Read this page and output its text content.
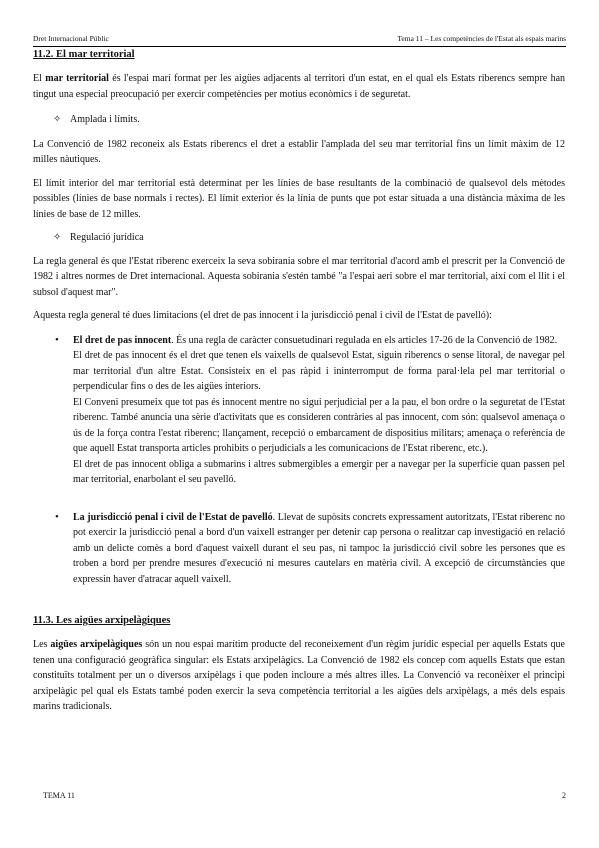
Dret Internacional Públic	Tema 11 – Les competències de l'Estat als espais marins

11.2. El mar territorial

El mar territorial és l'espai marí format per les aigües adjacents al territori d'un estat, en el qual els Estats riberencs sempre han tingut una especial preocupació per exercir competències per motius econòmics i de seguretat.

✧ Amplada i límits.

La Convenció de 1982 reconeix als Estats riberencs el dret a establir l'amplada del seu mar territorial fins un límit màxim de 12 milles nàutiques.

El límit interior del mar territorial està determinat per les línies de base resultants de la combinació de qualsevol dels mètodes possibles (línies de base normals i rectes). El límit exterior és la línia de punts que pot estar situada a una distància màxima de les línies de base de 12 milles.

✧ Regulació jurídica

La regla general és que l'Estat riberenc exerceix la seva sobirania sobre el mar territorial d'acord amb el prescrit per la Convenció de 1982 i altres normes de Dret internacional. Aquesta sobirania s'estén també "a l'espai aeri sobre el mar territorial, així com el llit i el subsol d'aquest mar".

Aquesta regla general té dues limitacions (el dret de pas innocent i la jurisdicció penal i civil de l'Estat de pavelló):

• El dret de pas innocent. És una regla de caràcter consuetudinari regulada en els articles 17-26 de la Convenció de 1982.

El dret de pas innocent és el dret que tenen els vaixells de qualsevol Estat, siguin riberencs o sense litoral, de navegar pel mar territorial d'un altre Estat. Consisteix en el pas ràpid i ininterromput de forma paral·lela pel mar territorial o perpendicular fins o des de les aigües interiors.

El Conveni presumeix que tot pas és innocent mentre no sigui perjudicial per a la pau, el bon ordre o la seguretat de l'Estat riberenc. També anuncia una sèrie d'activitats que es consideren contràries al pas innocent, com són: qualsevol amenaça o ús de la força contra l'estat riberenc; llançament, recepció o embarcament de dispositius militars; amenaça o referència de que aquell Estat transporta articles prohibits o perjudicials a les comunicacions de l'Estat riberenc, etc.).

El dret de pas innocent obliga a submarins i altres submergibles a emergir per a navegar per la superfície quan passen pel mar territorial, enarbolant el seu pavelló.

• La jurisdicció penal i civil de l'Estat de pavelló. Llevat de supòsits concrets expressament autoritzats, l'Estat riberenc no pot exercir la jurisdicció penal a bord d'un vaixell estranger per detenir cap persona o realitzar cap investigació en relació amb un delicte comès a bord d'aquest vaixell durant el seu pas, ni tampoc la jurisdicció civil sobre les persones que es troben a bord per prendre mesures d'execució ni mesures cautelars en matèria civil. A excepció de circumstàncies que expressin haver d'atracar aquell vaixell.

11.3. Les aigües arxipelàgiques

Les aigües arxipelàgiques són un nou espai marítim producte del reconeixement d'un règim jurídic especial per aquells Estats que tenen una configuració geogràfica singular: els Estats arxipelàgics. La Convenció de 1982 els concep com aquells Estats que estan constituïts totalment per un o diversos arxipèlags i que poden incloure a més altres illes. La Convenció va reconèixer el principi arxipelàgic pel qual els Estats també poden exercir la seva competència territorial a les aigües dels arxipèlags, a més dels espais marins tradicionals.

TEMA 11	2
